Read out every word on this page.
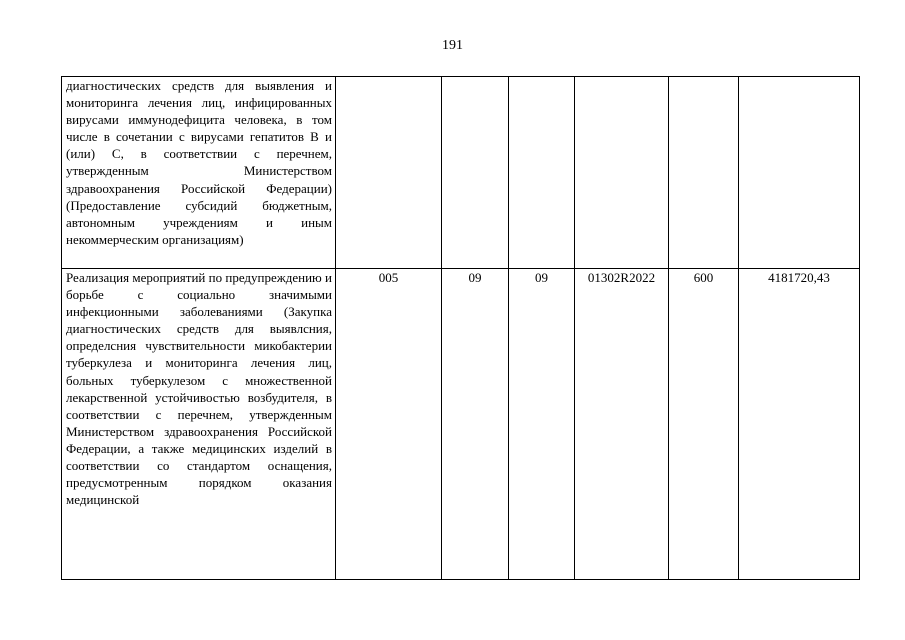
191
диагностических средств для выявления и мониторинга лечения лиц, инфицированных вирусами иммунодефицита человека, в том числе в сочетании с вирусами гепатитов В и (или) С, в соответствии с перечнем, утвержденным Министерством здравоохранения Российской Федерации) (Предоставление субсидий бюджетным, автономным учреждениям и иным некоммерческим организациям)						
Реализация мероприятий по предупреждению и борьбе с социально значимыми инфекционными заболеваниями (Закупка диагностических средств для выявлсния, определсния чувствительности микобактерии туберкулеза и мониторинга лечения лиц, больных туберкулезом с множественной лекарственной устойчивостью возбудителя, в соответствии с перечнем, утвержденным Министерством здравоохранения Российской Федерации, а также медицинских изделий в соответствии со стандартом оснащения, предусмотренным порядком оказания медицинской	005	09	09	01302R2022	600	4181720,43
